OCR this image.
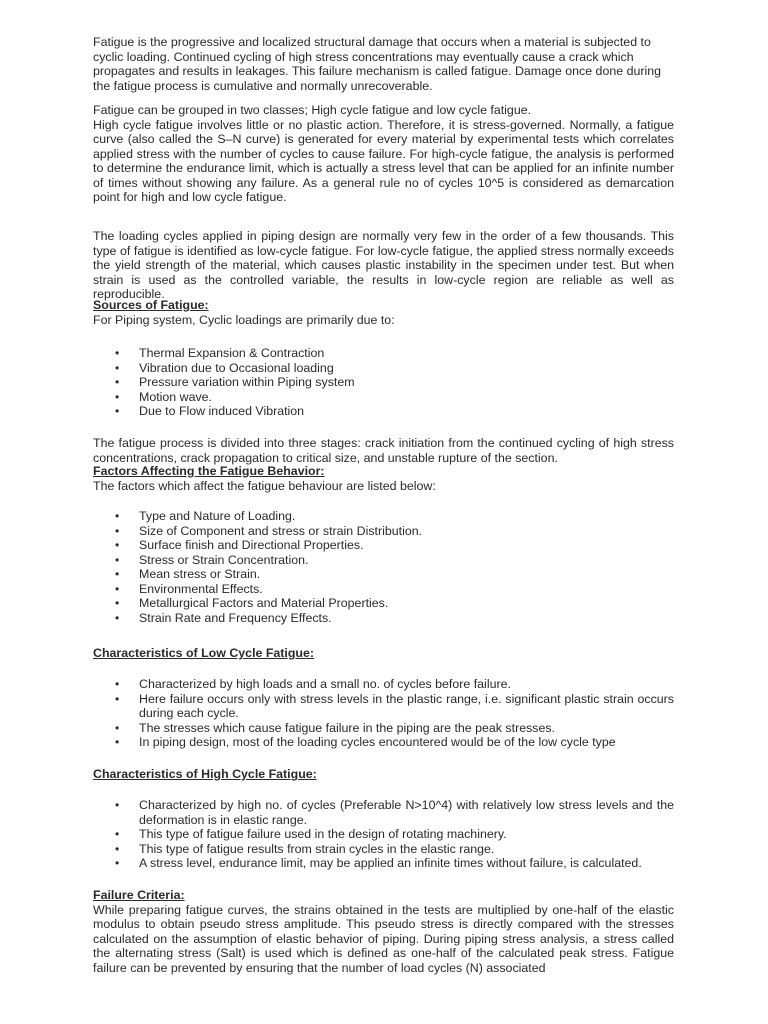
Fatigue is the progressive and localized structural damage that occurs when a material is subjected to cyclic loading. Continued cycling of high stress concentrations may eventually cause a crack which propagates and results in leakages. This failure mechanism is called fatigue. Damage once done during the fatigue process is cumulative and normally unrecoverable.

Fatigue can be grouped in two classes; High cycle fatigue and low cycle fatigue.
High cycle fatigue involves little or no plastic action. Therefore, it is stress-governed. Normally, a fatigue curve (also called the S–N curve) is generated for every material by experimental tests which correlates applied stress with the number of cycles to cause failure. For high-cycle fatigue, the analysis is performed to determine the endurance limit, which is actually a stress level that can be applied for an infinite number of times without showing any failure. As a general rule no of cycles 10^5 is considered as demarcation point for high and low cycle fatigue.

The loading cycles applied in piping design are normally very few in the order of a few thousands. This type of fatigue is identified as low-cycle fatigue. For low-cycle fatigue, the applied stress normally exceeds the yield strength of the material, which causes plastic instability in the specimen under test. But when strain is used as the controlled variable, the results in low-cycle region are reliable as well as reproducible.

Sources of Fatigue:
For Piping system, Cyclic loadings are primarily due to:
• Thermal Expansion & Contraction
• Vibration due to Occasional loading
• Pressure variation within Piping system
• Motion wave.
• Due to Flow induced Vibration

The fatigue process is divided into three stages: crack initiation from the continued cycling of high stress concentrations, crack propagation to critical size, and unstable rupture of the section.

Factors Affecting the Fatigue Behavior:
The factors which affect the fatigue behaviour are listed below:
• Type and Nature of Loading.
• Size of Component and stress or strain Distribution.
• Surface finish and Directional Properties.
• Stress or Strain Concentration.
• Mean stress or Strain.
• Environmental Effects.
• Metallurgical Factors and Material Properties.
• Strain Rate and Frequency Effects.
Characteristics of Low Cycle Fatigue:
• Characterized by high loads and a small no. of cycles before failure.
• Here failure occurs only with stress levels in the plastic range, i.e. significant plastic strain occurs during each cycle.
• The stresses which cause fatigue failure in the piping are the peak stresses.
• In piping design, most of the loading cycles encountered would be of the low cycle type
Characteristics of High Cycle Fatigue:
• Characterized by high no. of cycles (Preferable N>10^4) with relatively low stress levels and the deformation is in elastic range.
• This type of fatigue failure used in the design of rotating machinery.
• This type of fatigue results from strain cycles in the elastic range.
• A stress level, endurance limit, may be applied an infinite times without failure, is calculated.
Failure Criteria:
While preparing fatigue curves, the strains obtained in the tests are multiplied by one-half of the elastic modulus to obtain pseudo stress amplitude. This pseudo stress is directly compared with the stresses calculated on the assumption of elastic behavior of piping. During piping stress analysis, a stress called the alternating stress (Salt) is used which is defined as one-half of the calculated peak stress. Fatigue failure can be prevented by ensuring that the number of load cycles (N) associated
